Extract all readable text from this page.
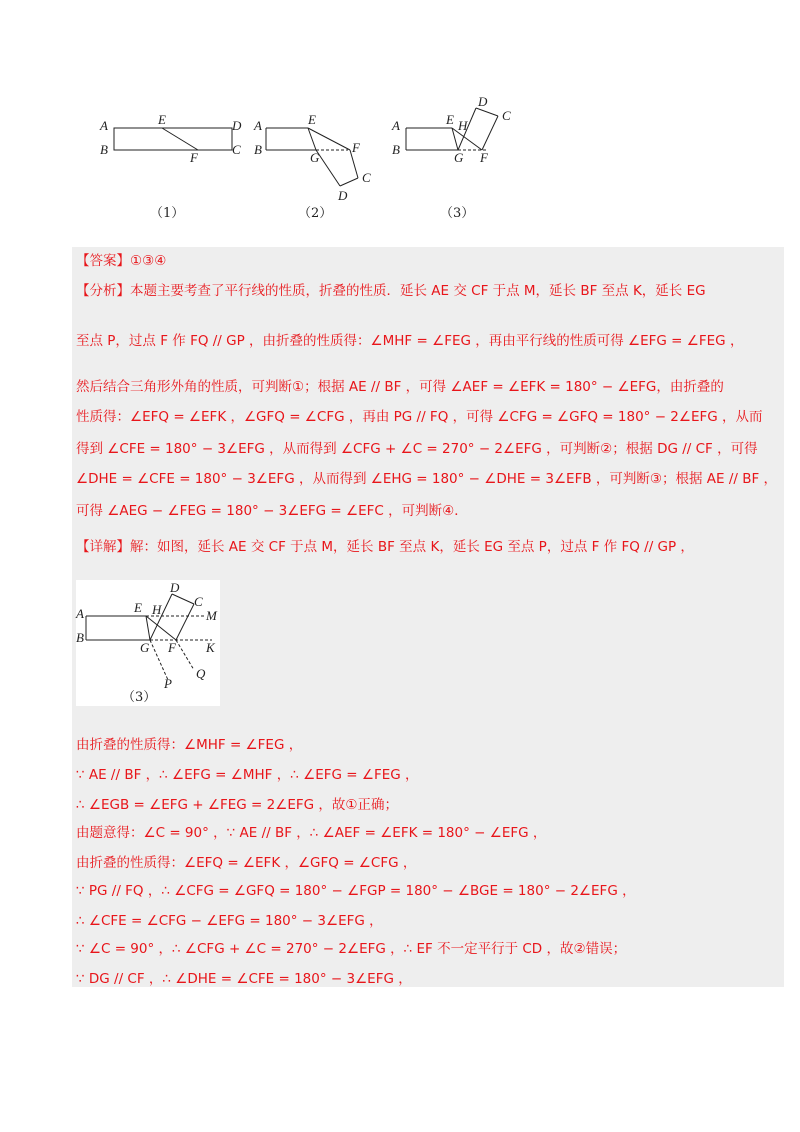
A
B
E	D
F
C
（1）
A
B
E
G
F
C
D
（2）
A
B
E H
D
C
G F
（3）
【答案】①③④
【分析】本题主要考查了平行线的性质，折叠的性质．延长 AE 交 CF 于点 M，延长 BF 至点 K，延长 EG
至点 P，过点 F 作 FQ // GP ，由折叠的性质得：∠MHF = ∠FEG ，再由平行线的性质可得 ∠EFG = ∠FEG ，
然后结合三角形外角的性质，可判断①；根据 AE // BF ，可得 ∠AEF = ∠EFK = 180° − ∠EFG，由折叠的
性质得：∠EFQ = ∠EFK ，∠GFQ = ∠CFG ，再由 PG // FQ ，可得 ∠CFG = ∠GFQ = 180° − 2∠EFG ，从而
得到 ∠CFE = 180° − 3∠EFG ，从而得到 ∠CFG + ∠C = 270° − 2∠EFG ，可判断②；根据 DG // CF ，可得
∠DHE = ∠CFE = 180° − 3∠EFG ，从而得到 ∠EHG = 180° − ∠DHE = 3∠EFB ，可判断③；根据 AE // BF ，
可得 ∠AEG − ∠FEG = 180° − 3∠EFG = ∠EFC ，可判断④．
【详解】解：如图，延长 AE 交 CF 于点 M，延长 BF 至点 K，延长 EG 至点 P，过点 F 作 FQ // GP ，
A
B
E H
D
C
M
G F K
P
Q
（3）
由折叠的性质得：∠MHF = ∠FEG ，
∵ AE // BF ，∴ ∠EFG = ∠MHF ，∴ ∠EFG = ∠FEG ，
∴ ∠EGB = ∠EFG + ∠FEG = 2∠EFG ，故①正确；
由题意得：∠C = 90° ，∵ AE // BF ，∴ ∠AEF = ∠EFK = 180° − ∠EFG ，
由折叠的性质得：∠EFQ = ∠EFK ，∠GFQ = ∠CFG ，
∵ PG // FQ ，∴ ∠CFG = ∠GFQ = 180° − ∠FGP = 180° − ∠BGE = 180° − 2∠EFG ，
∴ ∠CFE = ∠CFG − ∠EFG = 180° − 3∠EFG ，
∵ ∠C = 90° ，∴ ∠CFG + ∠C = 270° − 2∠EFG ，∴ EF 不一定平行于 CD ，故②错误；
∵ DG // CF ，∴ ∠DHE = ∠CFE = 180° − 3∠EFG ，
